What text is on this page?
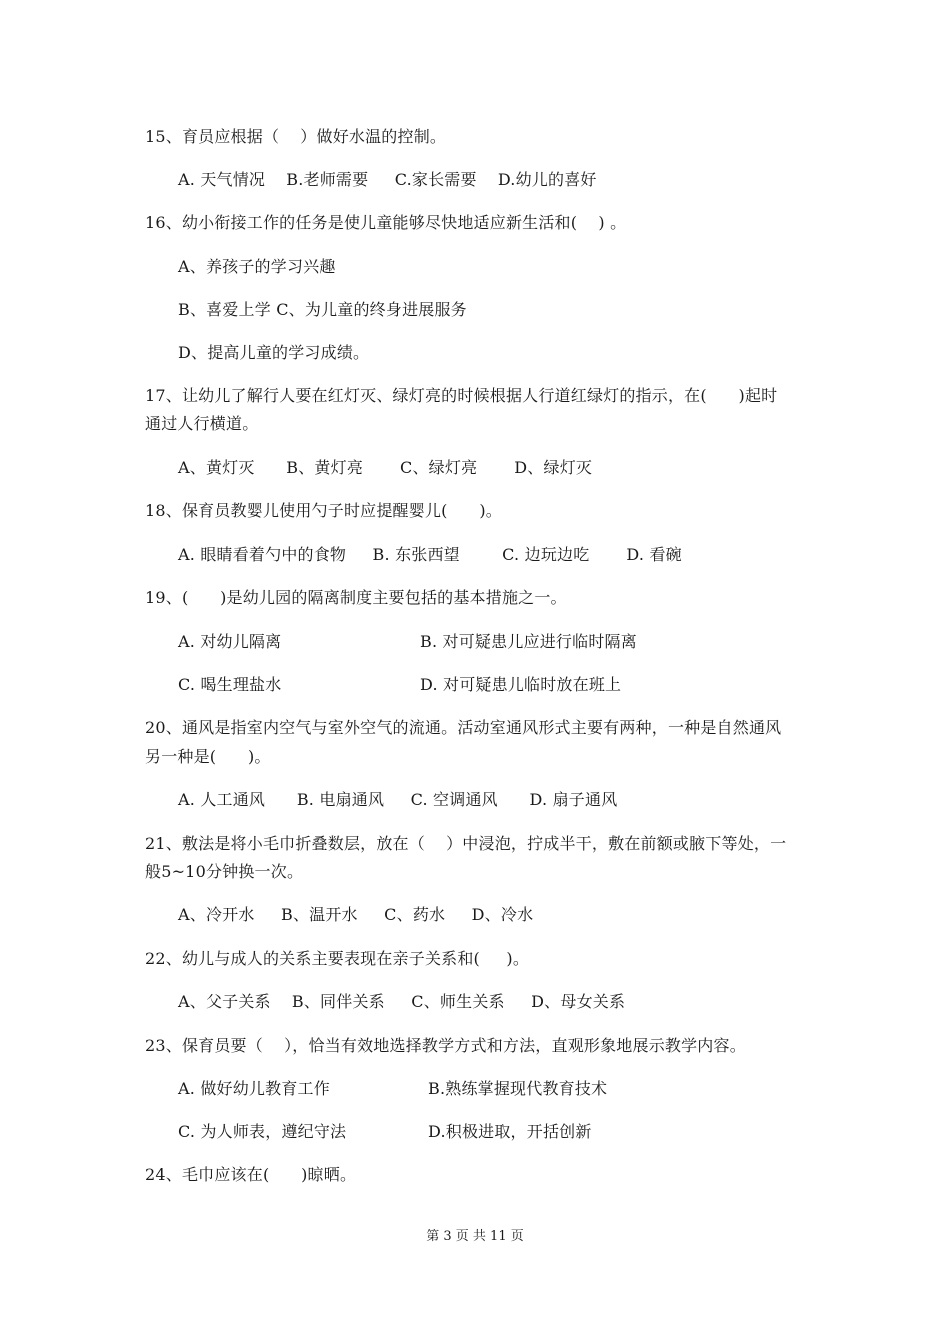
15、育员应根据（    ）做好水温的控制。
A. 天气情况    B.老师需要     C.家长需要    D.幼儿的喜好
16、幼小衔接工作的任务是使儿童能够尽快地适应新生活和(    ) 。
A、养孩子的学习兴趣
B、喜爱上学 C、为儿童的终身进展服务
D、提高儿童的学习成绩。
17、让幼儿了解行人要在红灯灭、绿灯亮的时候根据人行道红绿灯的指示，在(      )起时
通过人行横道。
A、黄灯灭      B、黄灯亮       C、绿灯亮       D、绿灯灭
18、保育员教婴儿使用勺子时应提醒婴儿(      )。
A. 眼睛看着勺中的食物     B. 东张西望        C. 边玩边吃       D. 看碗
19、(      )是幼儿园的隔离制度主要包括的基本措施之一。
A. 对幼儿隔离	B. 对可疑患儿应进行临时隔离
C. 喝生理盐水	D. 对可疑患儿临时放在班上
20、通风是指室内空气与室外空气的流通。活动室通风形式主要有两种，一种是自然通风
另一种是(      )。
A. 人工通风      B. 电扇通风     C. 空调通风      D. 扇子通风
21、敷法是将小毛巾折叠数层，放在（    ）中浸泡，拧成半干，敷在前额或腋下等处，一
般5~10分钟换一次。
A、冷开水     B、温开水     C、药水     D、冷水
22、幼儿与成人的关系主要表现在亲子关系和(     )。
A、父子关系    B、同伴关系     C、师生关系     D、母女关系
23、保育员要（    ），恰当有效地选择教学方式和方法，直观形象地展示教学内容。
A. 做好幼儿教育工作	B.熟练掌握现代教育技术
C. 为人师表，遵纪守法	D.积极进取，开括创新
24、毛巾应该在(      )晾晒。
第 3 页 共 11 页
